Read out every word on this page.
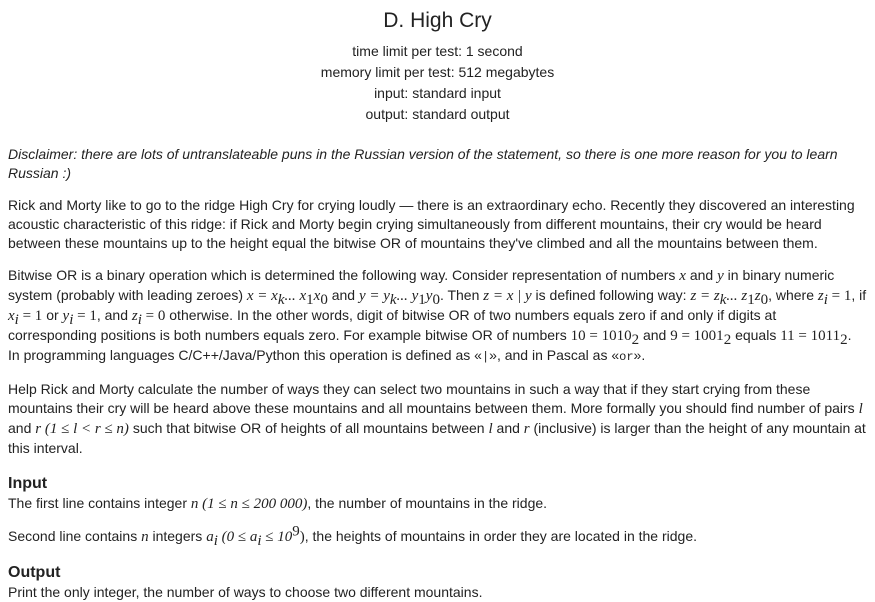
D. High Cry
time limit per test: 1 second
memory limit per test: 512 megabytes
input: standard input
output: standard output

Disclaimer: there are lots of untranslateable puns in the Russian version of the statement, so there is one more reason for you to learn Russian :)

Rick and Morty like to go to the ridge High Cry for crying loudly — there is an extraordinary echo. Recently they discovered an interesting acoustic characteristic of this ridge: if Rick and Morty begin crying simultaneously from different mountains, their cry would be heard between these mountains up to the height equal the bitwise OR of mountains they've climbed and all the mountains between them.

Bitwise OR is a binary operation which is determined the following way. Consider representation of numbers x and y in binary numeric system (probably with leading zeroes) $x = x_k$... $x_1x_0$ and $y = y_k$... $y_1y_0$. Then z = x | y is defined following way: $z = z_k$... $z_1z_0$, where $z_i = 1$, if $x_i = 1$ or $y_i = 1$, and $z_i = 0$ otherwise. In the other words, digit of bitwise OR of two numbers equals zero if and only if digits at corresponding positions is both numbers equals zero. For example bitwise OR of numbers $10 = 1010_2$ and $9 = 1001_2$ equals $11 = 1011_2$. In programming languages C/C++/Java/Python this operation is defined as «|», and in Pascal as «or».

Help Rick and Morty calculate the number of ways they can select two mountains in such a way that if they start crying from these mountains their cry will be heard above these mountains and all mountains between them. More formally you should find number of pairs l and r (1 ≤ l < r ≤ n) such that bitwise OR of heights of all mountains between l and r (inclusive) is larger than the height of any mountain at this interval.

Input

The first line contains integer n (1 ≤ n ≤ 200 000), the number of mountains in the ridge.

Second line contains n integers $a_i$ $(0 \le a_i \le 10^9)$, the heights of mountains in order they are located in the ridge.

Output

Print the only integer, the number of ways to choose two different mountains.
